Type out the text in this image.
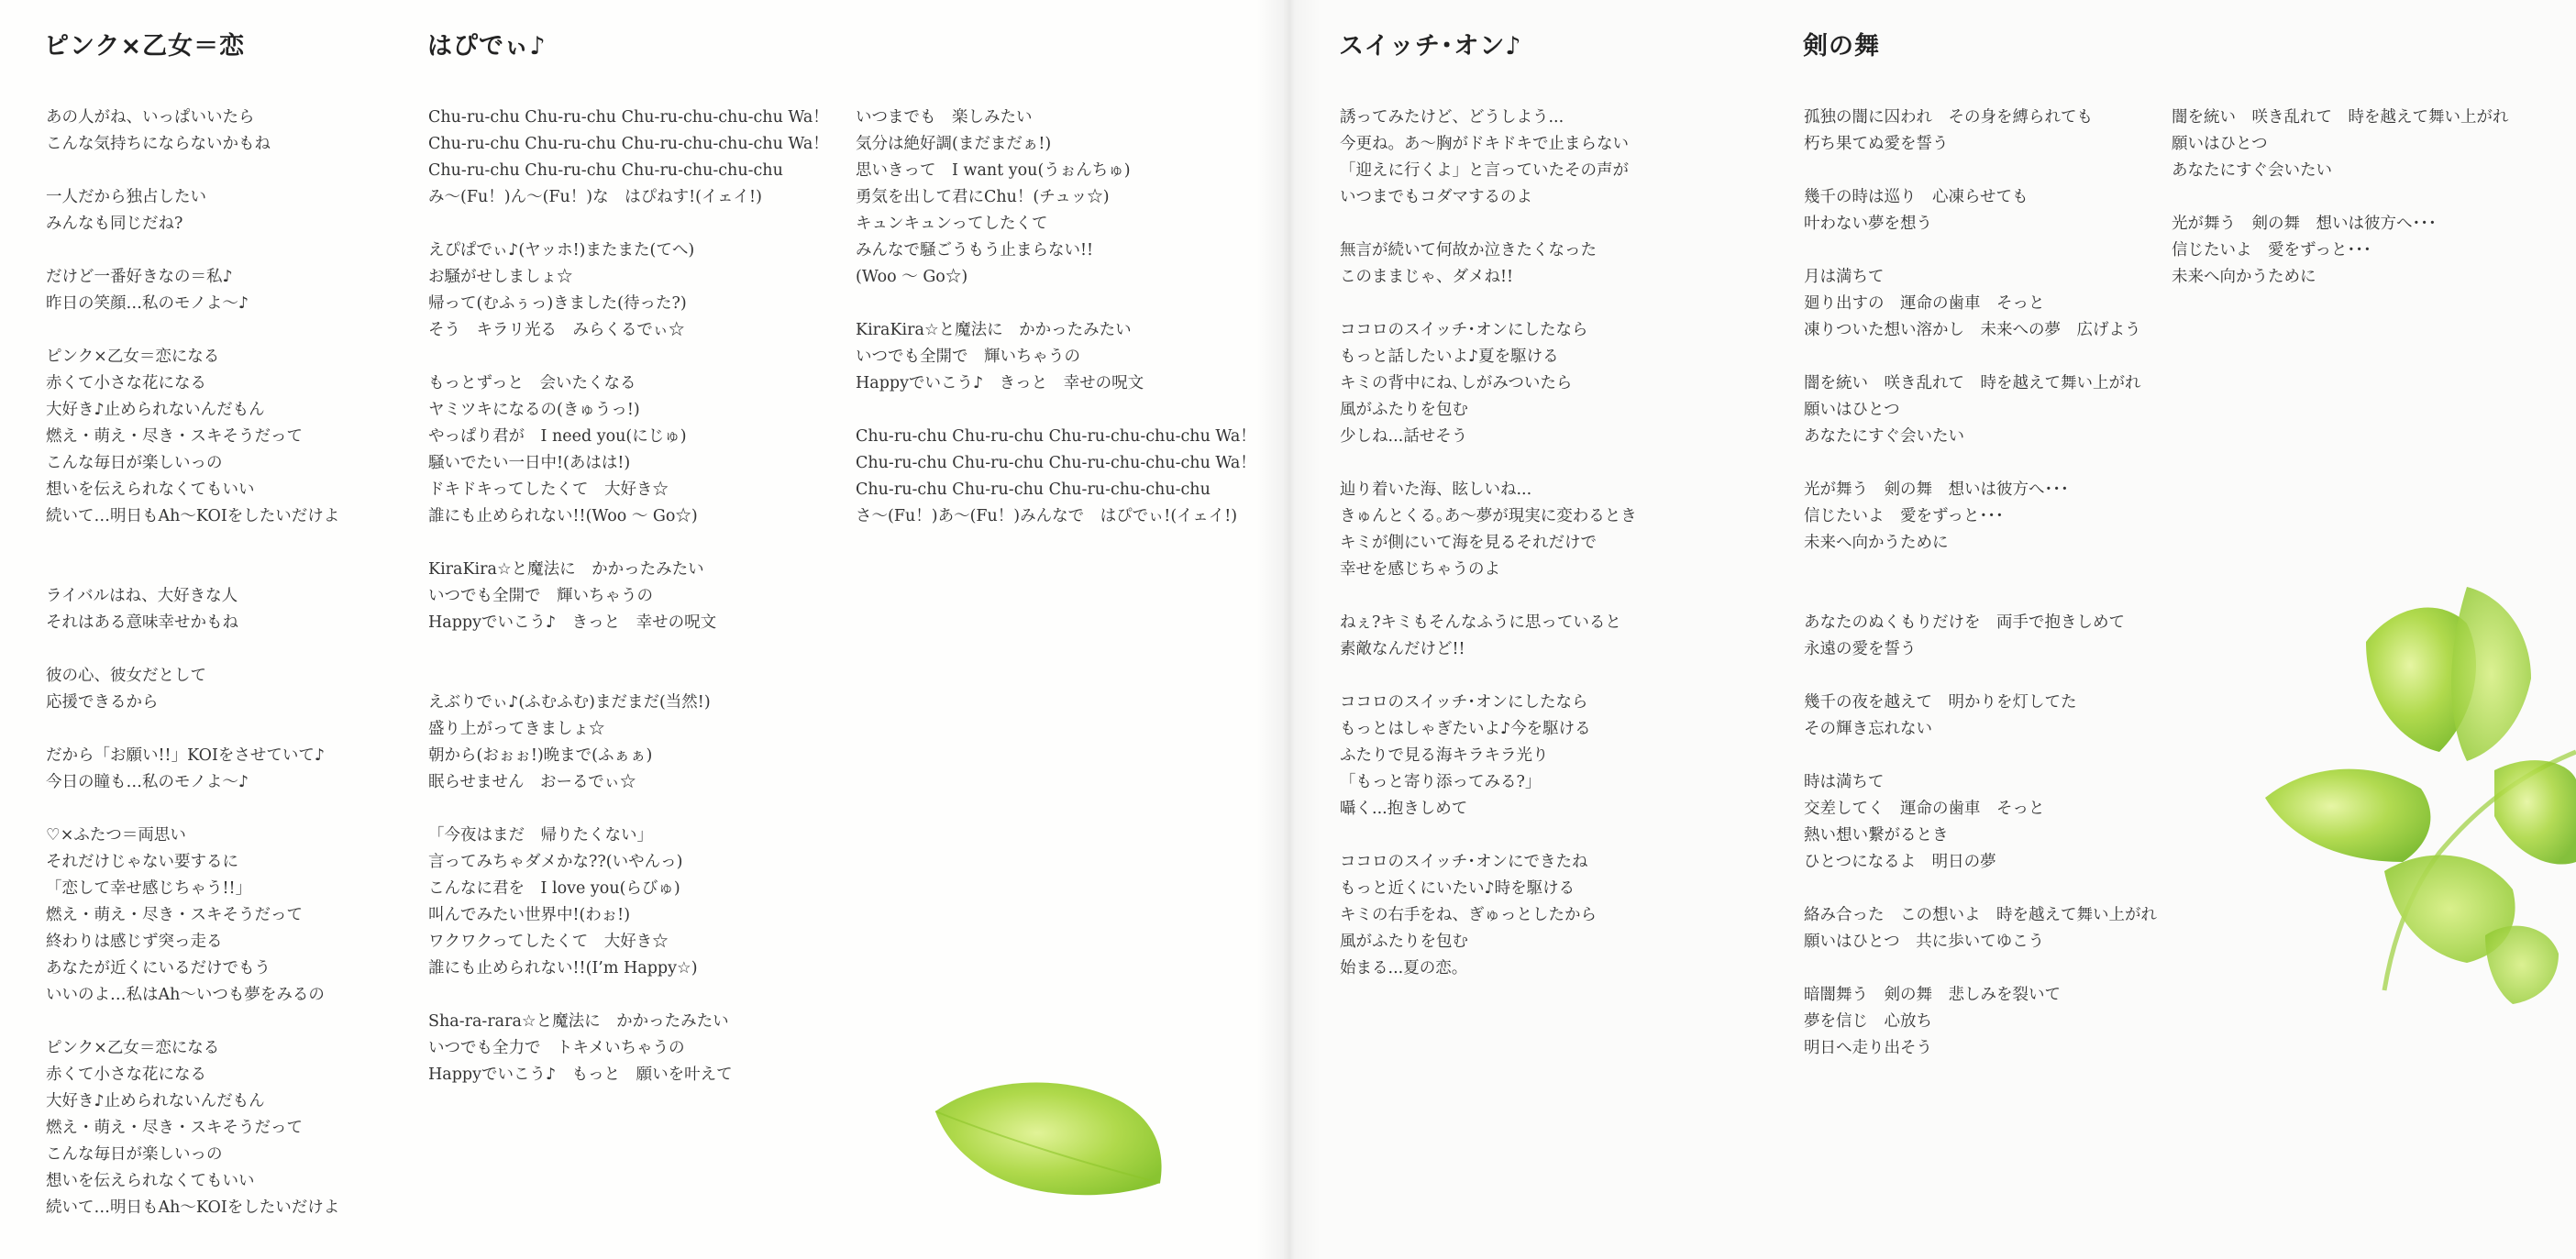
ピンク×乙女＝恋
あの人がね、いっぱいいたら
こんな気持ちにならないかもね
一人だから独占したい
みんなも同じだね?
だけど一番好きなの＝私♪
昨日の笑顔…私のモノよ～♪
ピンク×乙女＝恋になる
赤くて小さな花になる
大好き♪止められないんだもん
燃え・萌え・尽き・スキそうだって
こんな毎日が楽しいっの
想いを伝えられなくてもいい
続いて…明日もAh～KOIをしたいだけよ
ライバルはね、大好きな人
それはある意味幸せかもね
彼の心、彼女だとして
応援できるから
だから「お願い!!」KOIをさせていて♪
今日の瞳も…私のモノよ～♪
♡×ふたつ＝両思い
それだけじゃない要するに
「恋して幸せ感じちゃう!!」
燃え・萌え・尽き・スキそうだって
終わりは感じず突っ走る
あなたが近くにいるだけでもう
いいのよ…私はAh～いつも夢をみるの
ピンク×乙女＝恋になる
赤くて小さな花になる
大好き♪止められないんだもん
燃え・萌え・尽き・スキそうだって
こんな毎日が楽しいっの
想いを伝えられなくてもいい
続いて…明日もAh～KOIをしたいだけよ
はぴでぃ♪
Chu-ru-chu Chu-ru-chu Chu-ru-chu-chu-chu Wa！
Chu-ru-chu Chu-ru-chu Chu-ru-chu-chu-chu Wa！
Chu-ru-chu Chu-ru-chu Chu-ru-chu-chu-chu
み～(Fu！)ん～(Fu！)な　はぴねす!(イェイ!)
えぴぱでぃ♪(ヤッホ!)またまた(てへ)
お騒がせしましょ☆
帰って(むふぅっ)きました(待った?)
そう　キラリ光る　みらくるでぃ☆
もっとずっと　会いたくなる
ヤミツキになるの(きゅうっ!)
やっぱり君が　I need you(にじゅ)
騒いでたい一日中!(あはは!)
ドキドキってしたくて　大好き☆
誰にも止められない!!(Woo ～ Go☆)
KiraKira☆と魔法に　かかったみたい
いつでも全開で　輝いちゃうの
Happyでいこう♪　きっと　幸せの呪文
えぶりでぃ♪(ふむふむ)まだまだ(当然!)
盛り上がってきましょ☆
朝から(おぉぉ!)晩まで(ふぁぁ)
眠らせません　おーるでぃ☆
「今夜はまだ　帰りたくない」
言ってみちゃダメかな??(いやんっ)
こんなに君を　I love you(らびゅ)
叫んでみたい世界中!(わぉ!)
ワクワクってしたくて　大好き☆
誰にも止められない!!(I’m Happy☆)
Sha-ra-rara☆と魔法に　かかったみたい
いつでも全力で　トキメいちゃうの
Happyでいこう♪　もっと　願いを叶えて
いつまでも　楽しみたい
気分は絶好調(まだまだぁ!)
思いきって　I want you(うぉんちゅ)
勇気を出して君にChu！(チュッ☆)
キュンキュンってしたくて
みんなで騒ごうもう止まらない!!
(Woo ～ Go☆)
KiraKira☆と魔法に　かかったみたい
いつでも全開で　輝いちゃうの
Happyでいこう♪　きっと　幸せの呪文
Chu-ru-chu Chu-ru-chu Chu-ru-chu-chu-chu Wa！
Chu-ru-chu Chu-ru-chu Chu-ru-chu-chu-chu Wa！
Chu-ru-chu Chu-ru-chu Chu-ru-chu-chu-chu
さ～(Fu！)あ～(Fu！)みんなで　はぴでぃ!(イェイ!)
スイッチ･オン♪
誘ってみたけど、どうしよう...
今更ね。あ～胸がドキドキで止まらない
「迎えに行くよ」と言っていたその声が
いつまでもコダマするのよ
無言が続いて何故か泣きたくなった
このままじゃ、ダメね!!
ココロのスイッチ･オンにしたなら
もっと話したいよ♪夏を駆ける
キミの背中にね､しがみついたら
風がふたりを包む
少しね...話せそう
辿り着いた海、眩しいね...
きゅんとくる｡あ～夢が現実に変わるとき
キミが側にいて海を見るそれだけで
幸せを感じちゃうのよ
ねぇ?キミもそんなふうに思っていると
素敵なんだけど!!
ココロのスイッチ･オンにしたなら
もっとはしゃぎたいよ♪今を駆ける
ふたりで見る海キラキラ光り
「もっと寄り添ってみる?」
囁く...抱きしめて
ココロのスイッチ･オンにできたね
もっと近くにいたい♪時を駆ける
キミの右手をね、ぎゅっとしたから
風がふたりを包む
始まる...夏の恋｡
剣の舞
孤独の闇に囚われ　その身を縛られても
朽ち果てぬ愛を誓う
幾千の時は巡り　心凍らせても
叶わない夢を想う
月は満ちて
廻り出すの　運命の歯車　そっと
凍りついた想い溶かし　未来への夢　広げよう
闇を統い　咲き乱れて　時を越えて舞い上がれ
願いはひとつ
あなたにすぐ会いたい
光が舞う　剣の舞　想いは彼方へ･･･
信じたいよ　愛をずっと･･･
未来へ向かうために
あなたのぬくもりだけを　両手で抱きしめて
永遠の愛を誓う
幾千の夜を越えて　明かりを灯してた
その輝き忘れない
時は満ちて
交差してく　運命の歯車　そっと
熱い想い繋がるとき
ひとつになるよ　明日の夢
絡み合った　この想いよ　時を越えて舞い上がれ
願いはひとつ　共に歩いてゆこう
暗闇舞う　剣の舞　悲しみを裂いて
夢を信じ　心放ち
明日へ走り出そう
闇を統い　咲き乱れて　時を越えて舞い上がれ
願いはひとつ
あなたにすぐ会いたい
光が舞う　剣の舞　想いは彼方へ･･･
信じたいよ　愛をずっと･･･
未来へ向かうために
